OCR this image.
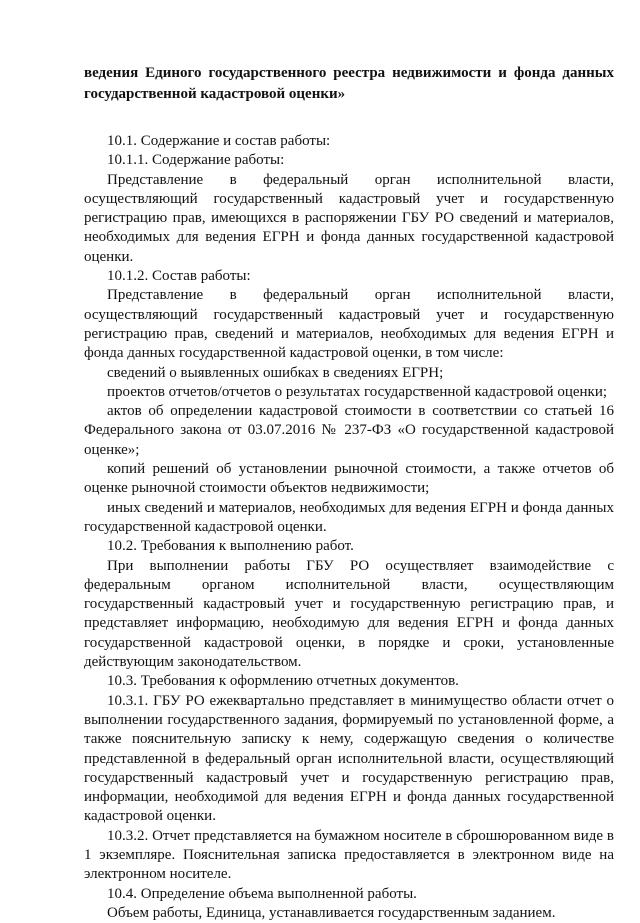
ведения Единого государственного реестра недвижимости и фонда данных государственной кадастровой оценки»

10.1. Содержание и состав работы:

10.1.1. Содержание работы:

Представление в федеральный орган исполнительной власти, осуществляющий государственный кадастровый учет и государственную регистрацию прав, имеющихся в распоряжении ГБУ РО сведений и материалов, необходимых для ведения ЕГРН и фонда данных государственной кадастровой оценки.

10.1.2. Состав работы:

Представление в федеральный орган исполнительной власти, осуществляющий государственный кадастровый учет и государственную регистрацию прав, сведений и материалов, необходимых для ведения ЕГРН и фонда данных государственной кадастровой оценки, в том числе:

сведений о выявленных ошибках в сведениях ЕГРН;

проектов отчетов/отчетов о результатах государственной кадастровой оценки;

актов об определении кадастровой стоимости в соответствии со статьей 16 Федерального закона от 03.07.2016 № 237-ФЗ «О государственной кадастровой оценке»;

копий решений об установлении рыночной стоимости, а также отчетов об оценке рыночной стоимости объектов недвижимости;

иных сведений и материалов, необходимых для ведения ЕГРН и фонда данных государственной кадастровой оценки.

10.2. Требования к выполнению работ.

При выполнении работы ГБУ РО осуществляет взаимодействие с федеральным органом исполнительной власти, осуществляющим государственный кадастровый учет и государственную регистрацию прав, и представляет информацию, необходимую для ведения ЕГРН и фонда данных государственной кадастровой оценки, в порядке и сроки, установленные действующим законодательством.

10.3. Требования к оформлению отчетных документов.

10.3.1. ГБУ РО ежеквартально представляет в минимущество области отчет о выполнении государственного задания, формируемый по установленной форме, а также пояснительную записку к нему, содержащую сведения о количестве представленной в федеральный орган исполнительной власти, осуществляющий государственный кадастровый учет и государственную регистрацию прав, информации, необходимой для ведения ЕГРН и фонда данных государственной кадастровой оценки.

10.3.2. Отчет представляется на бумажном носителе в сброшюрованном виде в 1 экземпляре. Пояснительная записка предоставляется в электронном виде на электронном носителе.

10.4. Определение объема выполненной работы.

Объем работы, Единица, устанавливается государственным заданием.
